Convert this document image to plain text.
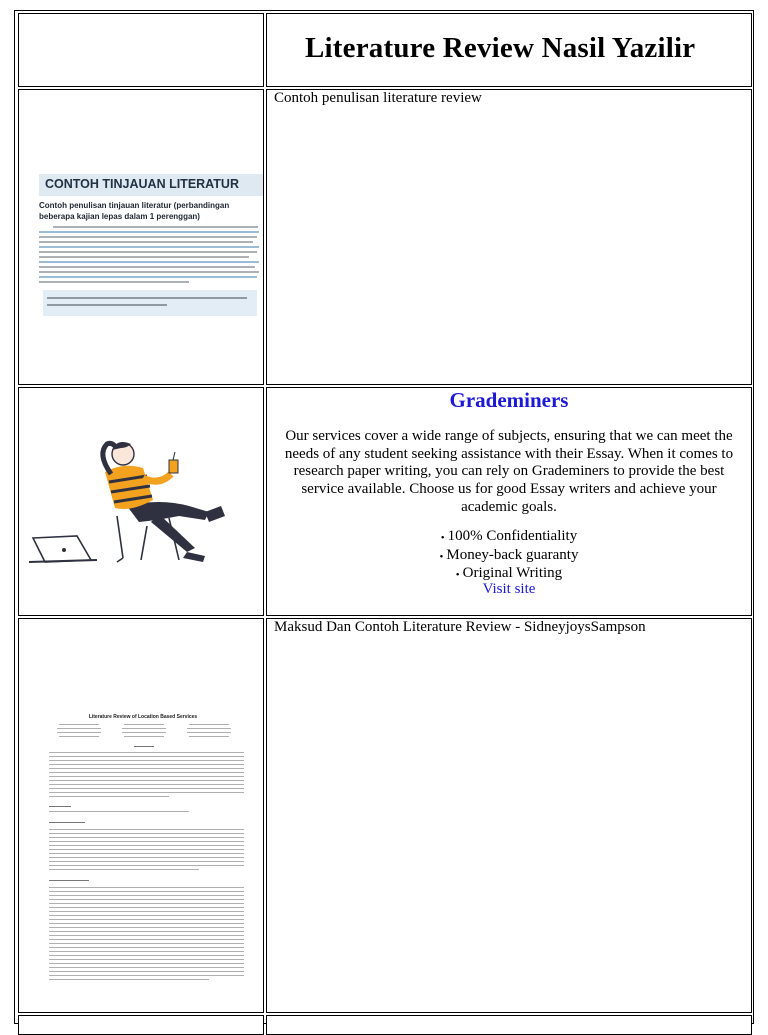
Literature Review Nasil Yazilir
CONTOH TINJAUAN LITERATUR
Contoh penulisan tinjauan literatur (perbandingan beberapa kajian lepas dalam 1 perenggan)
Contoh penulisan literature review
Grademiners
Our services cover a wide range of subjects, ensuring that we can meet the needs of any student seeking assistance with their Essay. When it comes to research paper writing, you can rely on Grademiners to provide the best service available. Choose us for good Essay writers and achieve your academic goals.
• 100% Confidentiality
• Money-back guaranty
• Original Writing
Visit site
Literature Review of Location Based Services
Maksud Dan Contoh Literature Review - SidneyjoysSampson
